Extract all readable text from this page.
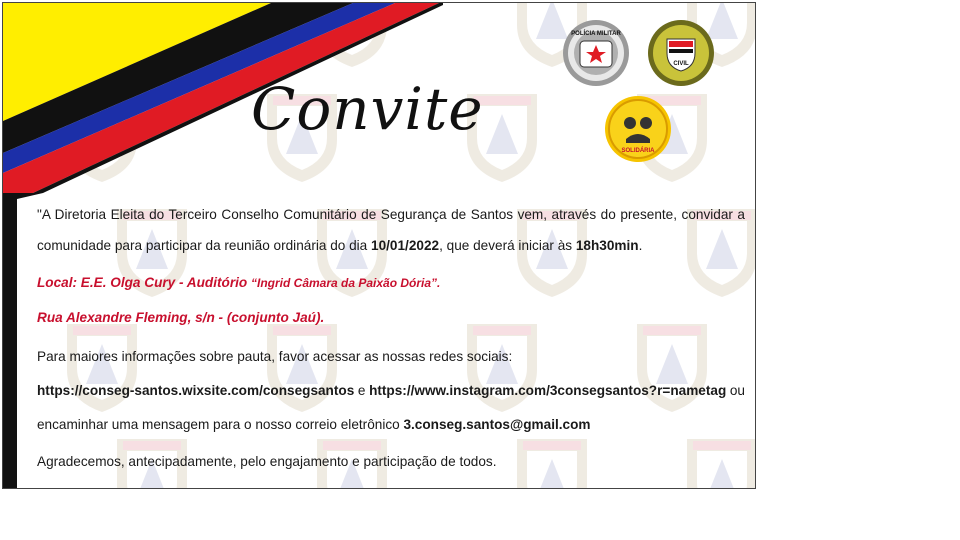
Convite
POLÍCIA MILITAR
CIVIL
SOLIDÁRIA
"A Diretoria Eleita do Terceiro Conselho Comunitário de Segurança de Santos vem, através do presente, convidar a
comunidade para participar da reunião ordinária do dia 10/01/2022, que deverá iniciar às 18h30min.
Local: E.E. Olga Cury - Auditório “Ingrid Câmara da Paixão Dória”.
Rua Alexandre Fleming, s/n - (conjunto Jaú).
Para maiores informações sobre pauta, favor acessar as nossas redes sociais:
https://conseg-santos.wixsite.com/consegsantos e https://www.instagram.com/3consegsantos?r=nametag ou
encaminhar uma mensagem para o nosso correio eletrônico 3.conseg.santos@gmail.com
Agradecemos, antecipadamente, pelo engajamento e participação de todos.
